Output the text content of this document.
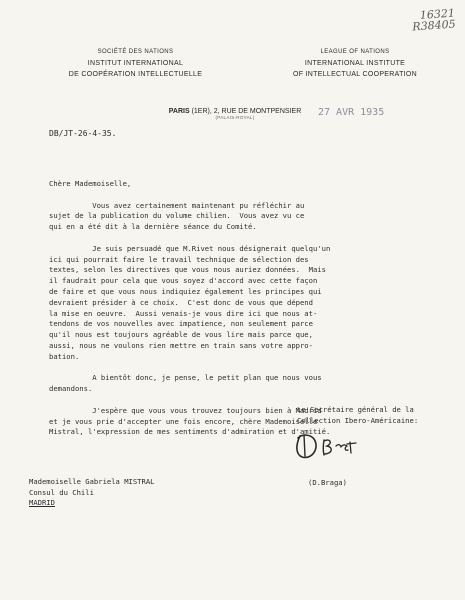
16321
R38405
SOCIÉTÉ DES NATIONS
INSTITUT INTERNATIONAL
DE COOPÉRATION INTELLECTUELLE
LEAGUE OF NATIONS
INTERNATIONAL INSTITUTE
OF INTELLECTUAL COOPERATION
PARIS (1ER), 2, RUE DE MONTPENSIER
(PALAIS-ROYAL)	27 AVR 1935
DB/JT-26-4-35.

Chère Mademoiselle,

Vous avez certainement maintenant pu réfléchir au

sujet de la publication du volume chilien.  Vous avez vu ce

qui en a été dit à la dernière séance du Comité.

Je suis persuadé que M.Rivet nous désignerait quelqu'un

ici qui pourrait faire le travail technique de sélection des

textes, selon les directives que vous nous auriez données.  Mais

il faudrait pour cela que vous soyez d'accord avec cette façon

de faire et que vous nous indiquiez également les principes qui

devraient présider à ce choix.  C'est donc de vous que dépend

la mise en oeuvre.  Aussi venais-je vous dire ici que nous at-

tendons de vos nouvelles avec impatience, non seulement parce

qu'il nous est toujours agréable de vous lire mais parce que,

aussi, nous ne voulons rien mettre en train sans votre appro-

bation.

A bientôt donc, je pense, le petit plan que nous vous

demandons.

J'espère que vous vous trouvez toujours bien à Madrid

et je vous prie d'accepter une fois encore, chère Mademoiselle

Mistral, l'expression de mes sentiments d'admiration et d'amitié.

Le Secrétaire général de la

Collection Ibero-Américaine:

Mademoiselle Gabriela MISTRAL

Consul du Chili

MADRID

(D.Braga)
